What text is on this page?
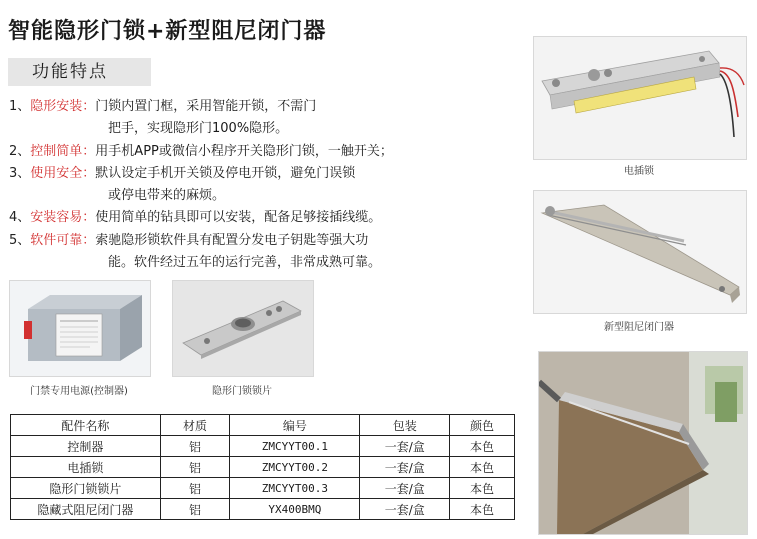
智能隐形门锁+新型阻尼闭门器
功能特点
1、隐形安装：门锁内置门框，采用智能开锁，不需门
把手，实现隐形门100%隐形。
2、控制简单：用手机APP或微信小程序开关隐形门锁，一触开关；
3、使用安全：默认设定手机开关锁及停电开锁，避免门误锁
或停电带来的麻烦。
4、安装容易：使用简单的钻具即可以安装，配备足够接插线缆。
5、软件可靠：索驰隐形锁软件具有配置分发电子钥匙等强大功
能。软件经过五年的运行完善，非常成熟可靠。
门禁专用电源(控制器)	隐形门锁锁片
电插锁
新型阻尼闭门器
配件名称	材质	编号	包装	颜色
控制器	铝	ZMCYYT00.1	一套/盒	本色
电插锁	铝	ZMCYYT00.2	一套/盒	本色
隐形门锁锁片	铝	ZMCYYT00.3	一套/盒	本色
隐藏式阻尼闭门器	铝	YX400BMQ	一套/盒	本色
